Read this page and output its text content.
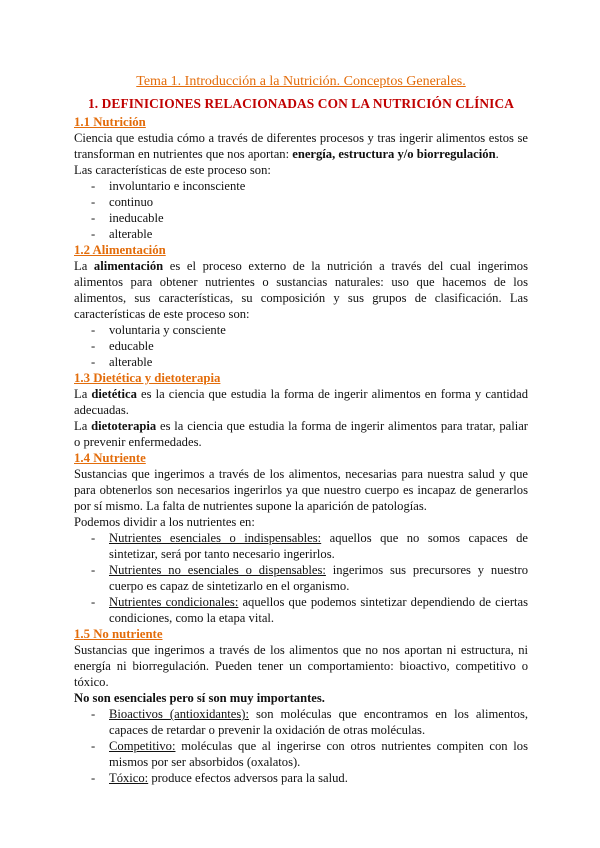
Tema 1. Introducción a la Nutrición. Conceptos Generales.
1. DEFINICIONES RELACIONADAS CON LA NUTRICIÓN CLÍNICA
1.1 Nutrición

Ciencia que estudia cómo a través de diferentes procesos y tras ingerir alimentos estos se transforman en nutrientes que nos aportan: energía, estructura y/o biorregulación.

Las características de este proceso son:

- involuntario e inconsciente
- continuo
- ineducable
- alterable
1.2 Alimentación

La alimentación es el proceso externo de la nutrición a través del cual ingerimos alimentos para obtener nutrientes o sustancias naturales: uso que hacemos de los alimentos, sus características, su composición y sus grupos de clasificación. Las características de este proceso son:

- voluntaria y consciente
- educable
- alterable
1.3 Dietética y dietoterapia

La dietética es la ciencia que estudia la forma de ingerir alimentos en forma y cantidad adecuadas.

La dietoterapia es la ciencia que estudia la forma de ingerir alimentos para tratar, paliar o prevenir enfermedades.

1.4 Nutriente

Sustancias que ingerimos a través de los alimentos, necesarias para nuestra salud y que para obtenerlos son necesarios ingerirlos ya que nuestro cuerpo es incapaz de generarlos por sí mismo. La falta de nutrientes supone la aparición de patologías.

Podemos dividir a los nutrientes en:

- Nutrientes esenciales o indispensables: aquellos que no somos capaces de sintetizar, será por tanto necesario ingerirlos.
- Nutrientes no esenciales o dispensables: ingerimos sus precursores y nuestro cuerpo es capaz de sintetizarlo en el organismo.
- Nutrientes condicionales: aquellos que podemos sintetizar dependiendo de ciertas condiciones, como la etapa vital.
1.5 No nutriente

Sustancias que ingerimos a través de los alimentos que no nos aportan ni estructura, ni energía ni biorregulación. Pueden tener un comportamiento: bioactivo, competitivo o tóxico.

No son esenciales pero sí son muy importantes.

- Bioactivos (antioxidantes): son moléculas que encontramos en los alimentos, capaces de retardar o prevenir la oxidación de otras moléculas.
- Competitivo: moléculas que al ingerirse con otros nutrientes compiten con los mismos por ser absorbidos (oxalatos).
- Tóxico: produce efectos adversos para la salud.
